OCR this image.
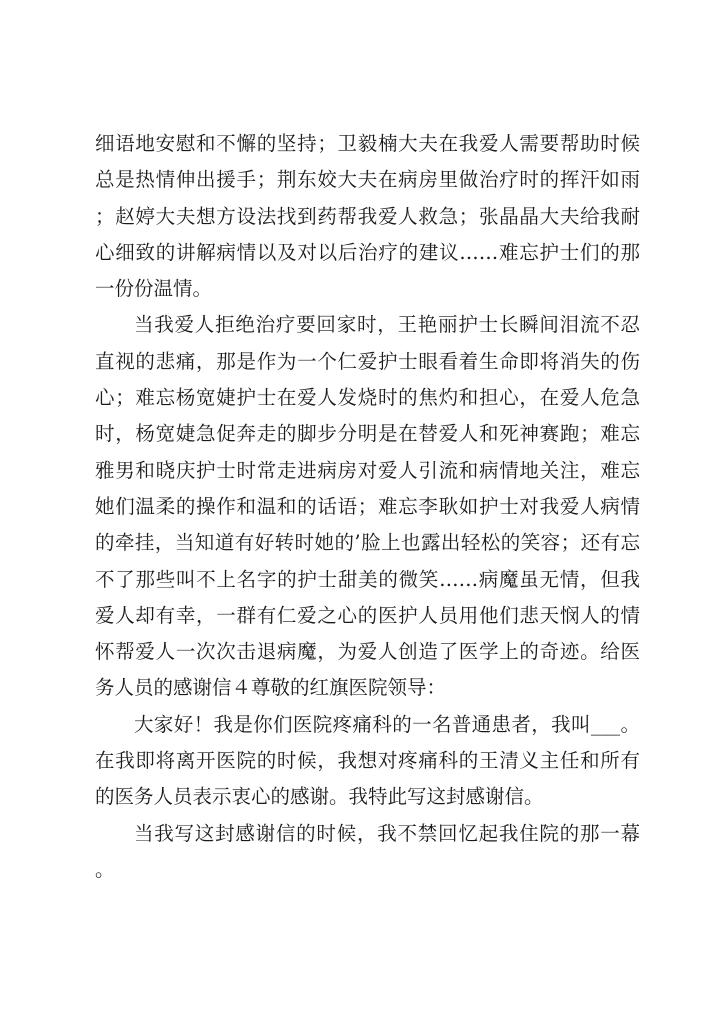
细语地安慰和不懈的坚持；卫毅楠大夫在我爱人需要帮助时候总是热情伸出援手；荆东姣大夫在病房里做治疗时的挥汗如雨；赵婷大夫想方设法找到药帮我爱人救急；张晶晶大夫给我耐心细致的讲解病情以及对以后治疗的建议……难忘护士们的那一份份温情。

当我爱人拒绝治疗要回家时，王艳丽护士长瞬间泪流不忍直视的悲痛，那是作为一个仁爱护士眼看着生命即将消失的伤心；难忘杨宽婕护士在爱人发烧时的焦灼和担心，在爱人危急时，杨宽婕急促奔走的脚步分明是在替爱人和死神赛跑；难忘雅男和晓庆护士时常走进病房对爱人引流和病情地关注，难忘她们温柔的操作和温和的话语；难忘李耿如护士对我爱人病情的牵挂，当知道有好转时她的’脸上也露出轻松的笑容；还有忘不了那些叫不上名字的护士甜美的微笑……病魔虽无情，但我爱人却有幸，一群有仁爱之心的医护人员用他们悲天悯人的情怀帮爱人一次次击退病魔，为爱人创造了医学上的奇迹。给医务人员的感谢信４尊敬的红旗医院领导：

大家好！我是你们医院疼痛科的一名普通患者，我叫___。在我即将离开医院的时候，我想对疼痛科的王清义主任和所有的医务人员表示衷心的感谢。我特此写这封感谢信。

当我写这封感谢信的时候，我不禁回忆起我住院的那一幕。
